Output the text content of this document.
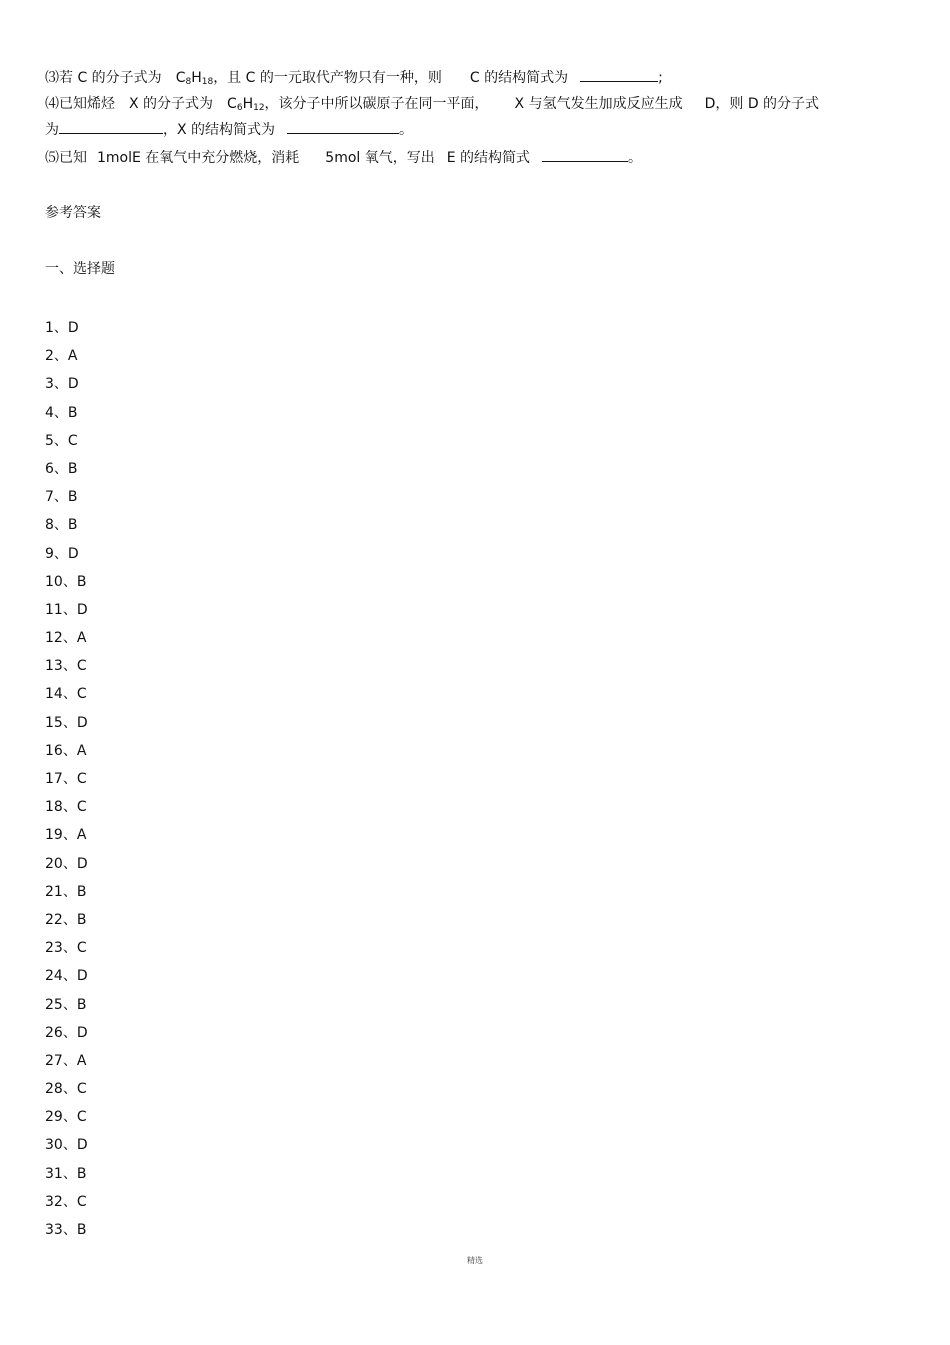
⑶若 C 的分子式为 $C_8H_{18}$，且 C 的一元取代产物只有一种，则 C 的结构简式为	;
⑷已知烯烃 X 的分子式为 $C_6H_{12}$，该分子中所以碳原子在同一平面， X 与氢气发生加成反应生成 D，则 D 的分子式
为	，X 的结构简式为	。
⑸已知 1molE 在氧气中充分燃烧，消耗 5mol 氧气，写出 E 的结构简式	。
参考答案
一、选择题
1、D
2、A
3、D
4、B
5、C
6、B
7、B
8、B
9、D
10、B
11、D
12、A
13、C
14、C
15、D
16、A
17、C
18、C
19、A
20、D
21、B
22、B
23、C
24、D
25、B
26、D
27、A
28、C
29、C
30、D
31、B
32、C
33、B
精选
